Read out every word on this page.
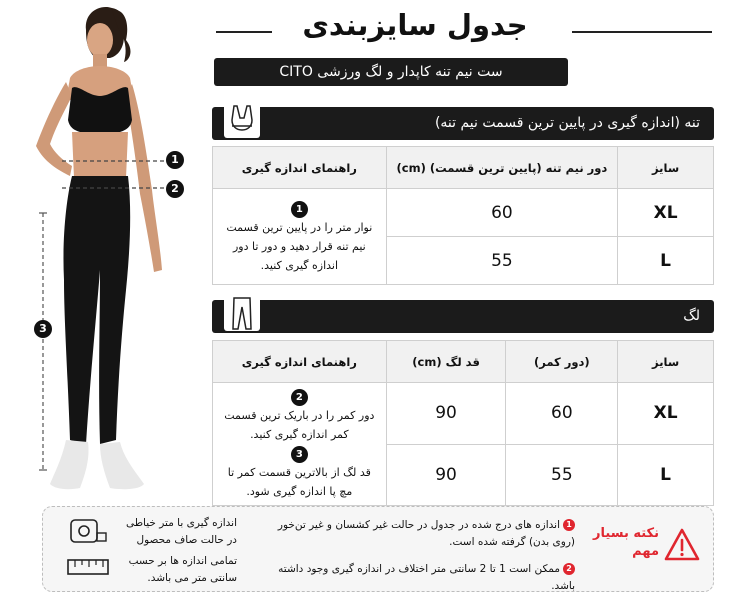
جدول سایزبندی
ست نیم تنه کاپدار و لگ ورزشی CITO
1
2
3
تنه (اندازه گیری در پایین ترین قسمت نیم تنه)
سایز	دور نیم تنه (پایین ترین قسمت) (cm)	راهنمای اندازه گیری
XL	60	1
نوار متر را در پایین ترین قسمت نیم تنه قرار دهید و دور تا دور اندازه گیری کنید.
L	55	
لگ
سایز	(دور کمر)	قد لگ (cm)	راهنمای اندازه گیری
XL	60	90	2
دور کمر را در باریک ترین قسمت کمر اندازه گیری کنید.
3
قد لگ از بالاترین قسمت کمر تا مچ پا اندازه گیری شود.
L	55	90	
اندازه گیری با متر خیاطی در حالت صاف محصول
تمامی اندازه ها بر حسب سانتی متر می باشد.
1اندازه های درج شده در جدول در حالت غیر کشسان و غیر تن‌خور (روی بدن) گرفته شده است.
2ممکن است 1 تا 2 سانتی متر اختلاف در اندازه گیری وجود داشته باشد.
نکته بسیار مهم
